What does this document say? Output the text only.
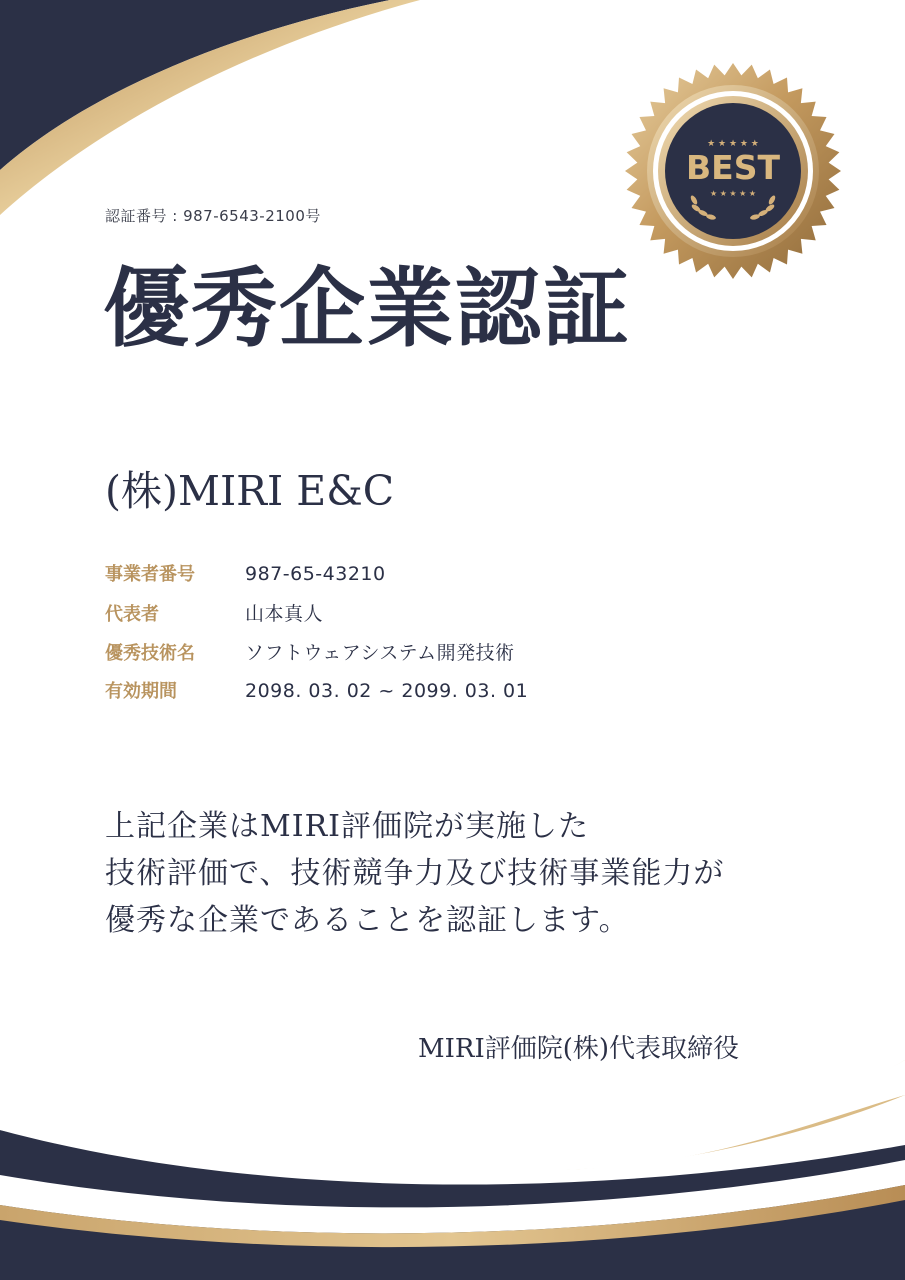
★ ★ ★ ★ ★
BEST
★ ★ ★ ★ ★
認証番号 : 987-6543-2100号
優秀企業認証
(株)MIRI E&C
事業者番号	987-65-43210
代表者	山本真人
優秀技術名	ソフトウェアシステム開発技術
有効期間	2098. 03. 02 ~ 2099. 03. 01
上記企業はMIRI評価院が実施した
技術評価で、技術競争力及び技術事業能力が
優秀な企業であることを認証します。
MIRI評価院(株)代表取締役
